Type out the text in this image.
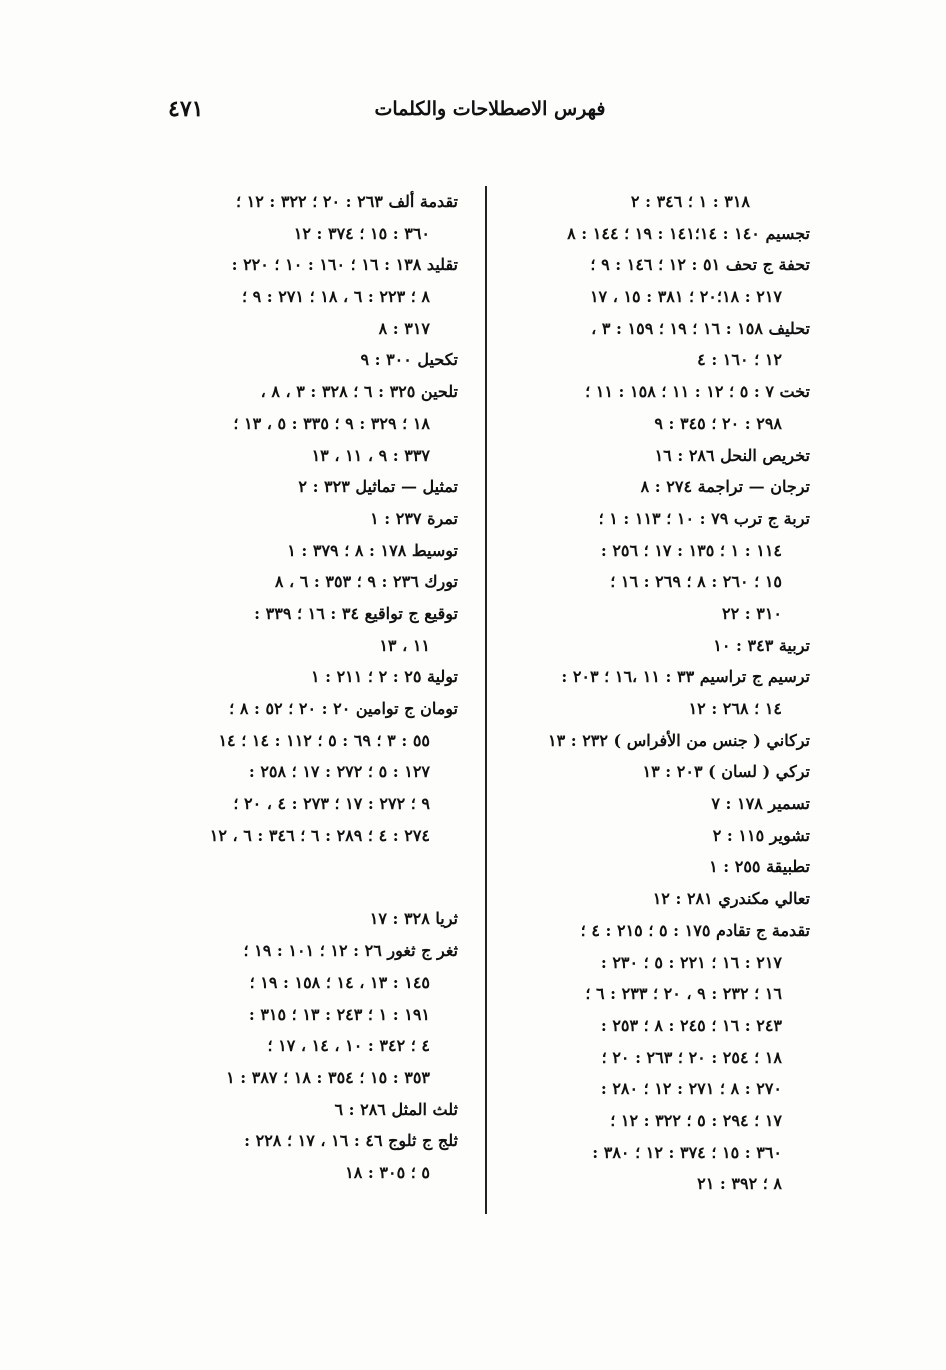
فهرس الاصطلاحات والكلمات
٤٧١
٣١٨ : ١ ؛ ٣٤٦ : ٢
تجسيم ١٤٠ : ١٤؛١٤١ : ١٩ ؛ ١٤٤ : ٨
تحفة ج تحف ٥١ : ١٢ ؛ ١٤٦ : ٩ ؛
٢١٧ : ١٨؛٢٠ ؛ ٣٨١ : ١٥ ، ١٧
تحليف ١٥٨ : ١٦ ؛ ١٩ ؛ ١٥٩ : ٣ ،
١٢ ؛ ١٦٠ : ٤
تخت ٧ : ٥ ؛ ١٢ : ١١ ؛ ١٥٨ : ١١ ؛
٢٩٨ : ٢٠ ؛ ٣٤٥ : ٩
تخريص النحل ٢٨٦ : ١٦
ترجان — تراجمة ٢٧٤ : ٨
تربة ج ترب ٧٩ : ١٠ ؛ ١١٣ : ١ ؛
١١٤ : ١ ؛ ١٣٥ : ١٧ ؛ ٢٥٦ :
١٥ ؛ ٢٦٠ : ٨ ؛ ٢٦٩ : ١٦ ؛
٣١٠ : ٢٢
تربية ٣٤٣ : ١٠
ترسيم ج تراسيم ٣٣ : ١١ ،١٦ ؛ ٢٠٣ :
١٤ ؛ ٢٦٨ : ١٢
تركاني ( جنس من الأفراس ) ٢٣٢ : ١٣
تركي ( لسان ) ٢٠٣ : ١٣
تسمير ١٧٨ : ٧
تشوير ١١٥ : ٢
تطبيقة ٢٥٥ : ١
تعالي مكندري ٢٨١ : ١٢
تقدمة ج تقادم ١٧٥ : ٥ ؛ ٢١٥ : ٤ ؛
٢١٧ : ١٦ ؛ ٢٢١ : ٥ ؛ ٢٣٠ :
١٦ ؛ ٢٣٢ : ٩ ، ٢٠ ؛ ٢٣٣ : ٦ ؛
٢٤٣ : ١٦ ؛ ٢٤٥ : ٨ ؛ ٢٥٣ :
١٨ ؛ ٢٥٤ : ٢٠ ؛ ٢٦٣ : ٢٠ ؛
٢٧٠ : ٨ ؛ ٢٧١ : ١٢ ؛ ٢٨٠ :
١٧ ؛ ٢٩٤ : ٥ ؛ ٣٢٢ : ١٢ ؛
٣٦٠ : ١٥ ؛ ٣٧٤ : ١٢ ؛ ٣٨٠ :
٨ ؛ ٣٩٢ : ٢١
تقدمة ألف ٢٦٣ : ٢٠ ؛ ٣٢٢ : ١٢ ؛
٣٦٠ : ١٥ ؛ ٣٧٤ : ١٢
تقليد ١٣٨ : ١٦ ؛ ١٦٠ : ١٠ ؛ ٢٢٠ :
٨ ؛ ٢٢٣ : ٦ ، ١٨ ؛ ٢٧١ : ٩ ؛
٣١٧ : ٨
تكحيل ٣٠٠ : ٩
تلحين ٣٢٥ : ٦ ؛ ٣٢٨ : ٣ ، ٨ ،
١٨ ؛ ٣٢٩ : ٩ ؛ ٣٣٥ : ٥ ، ١٣ ؛
٣٣٧ : ٩ ، ١١ ، ١٣
تمثيل — تماثيل ٣٢٣ : ٢
تمرة ٢٣٧ : ١
توسيط ١٧٨ : ٨ ؛ ٣٧٩ : ١
تورك ٢٣٦ : ٩ ؛ ٣٥٣ : ٦ ، ٨
توقيع ج تواقيع ٣٤ : ١٦ ؛ ٣٣٩ :
١١ ، ١٣
تولية ٢٥ : ٢ ؛ ٢١١ : ١
تومان ج توامين ٢٠ : ٢٠ ؛ ٥٢ : ٨ ؛
٥٥ : ٣ ؛ ٦٩ : ٥ ؛ ١١٢ : ١٤ ؛ ١٤
١٢٧ : ٥ ؛ ٢٧٢ : ١٧ ؛ ٢٥٨ :
٩ ؛ ٢٧٢ : ١٧ ؛ ٢٧٣ : ٤ ، ٢٠ ؛
٢٧٤ : ٤ ؛ ٢٨٩ : ٦ ؛ ٣٤٦ : ٦ ، ١٢
ثريا ٣٢٨ : ١٧
ثغر ج ثغور ٢٦ : ١٢ ؛ ١٠١ : ١٩ ؛
١٤٥ : ١٣ ، ١٤ ؛ ١٥٨ : ١٩ ؛
١٩١ : ١ ؛ ٢٤٣ : ١٣ ؛ ٣١٥ :
٤ ؛ ٣٤٢ : ١٠ ، ١٤ ، ١٧ ؛
٣٥٣ : ١٥ ؛ ٣٥٤ : ١٨ ؛ ٣٨٧ : ١
ثلث المثل ٢٨٦ : ٦
ثلج ج ثلوج ٤٦ : ١٦ ، ١٧ ؛ ٢٢٨ :
٥ ؛ ٣٠٥ : ١٨
